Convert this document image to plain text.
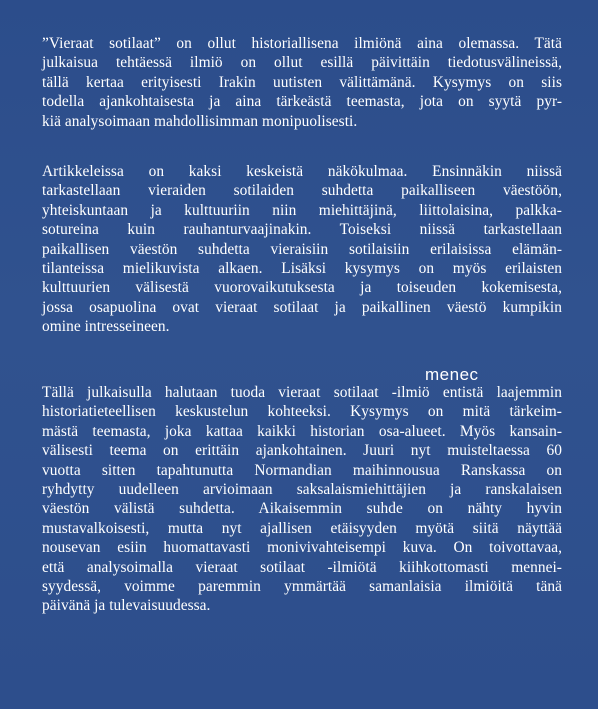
”Vieraat sotilaat” on ollut historiallisena ilmiönä aina olemassa. Tätä
julkaisua tehtäessä ilmiö on ollut esillä päivittäin tiedotusvälineissä,
tällä kertaa erityisesti Irakin uutisten välittämänä. Kysymys on siis
todella ajankohtaisesta ja aina tärkeästä teemasta, jota on syytä pyr-
kiä analysoimaan mahdollisimman monipuolisesti.
Artikkeleissa on kaksi keskeistä näkökulmaa. Ensinnäkin niissä
tarkastellaan vieraiden sotilaiden suhdetta paikalliseen väestöön,
yhteiskuntaan ja kulttuuriin niin miehittäjinä, liittolaisina, palkka-
sotureina kuin rauhanturvaajinakin. Toiseksi niissä tarkastellaan
paikallisen väestön suhdetta vieraisiin sotilaisiin erilaisissa elämän-
tilanteissa mielikuvista alkaen. Lisäksi kysymys on myös erilaisten
kulttuurien välisestä vuorovaikutuksesta ja toiseuden kokemisesta,
jossa osapuolina ovat vieraat sotilaat ja paikallinen väestö kumpikin
omine intresseineen.
menec
Tällä julkaisulla halutaan tuoda vieraat sotilaat -ilmiö entistä laajemmin
historiatieteellisen keskustelun kohteeksi. Kysymys on mitä tärkeim-
mästä teemasta, joka kattaa kaikki historian osa-alueet. Myös kansain-
välisesti teema on erittäin ajankohtainen. Juuri nyt muisteltaessa 60
vuotta sitten tapahtunutta Normandian maihinnousua Ranskassa on
ryhdytty uudelleen arvioimaan saksalaismiehittäjien ja ranskalaisen
väestön välistä suhdetta. Aikaisemmin suhde on nähty hyvin
mustavalkoisesti, mutta nyt ajallisen etäisyyden myötä siitä näyttää
nousevan esiin huomattavasti monivivahteisempi kuva. On toivottavaa,
että analysoimalla vieraat sotilaat -ilmiötä kiihkottomasti mennei-
syydessä, voimme paremmin ymmärtää samanlaisia ilmiöitä tänä
päivänä ja tulevaisuudessa.
